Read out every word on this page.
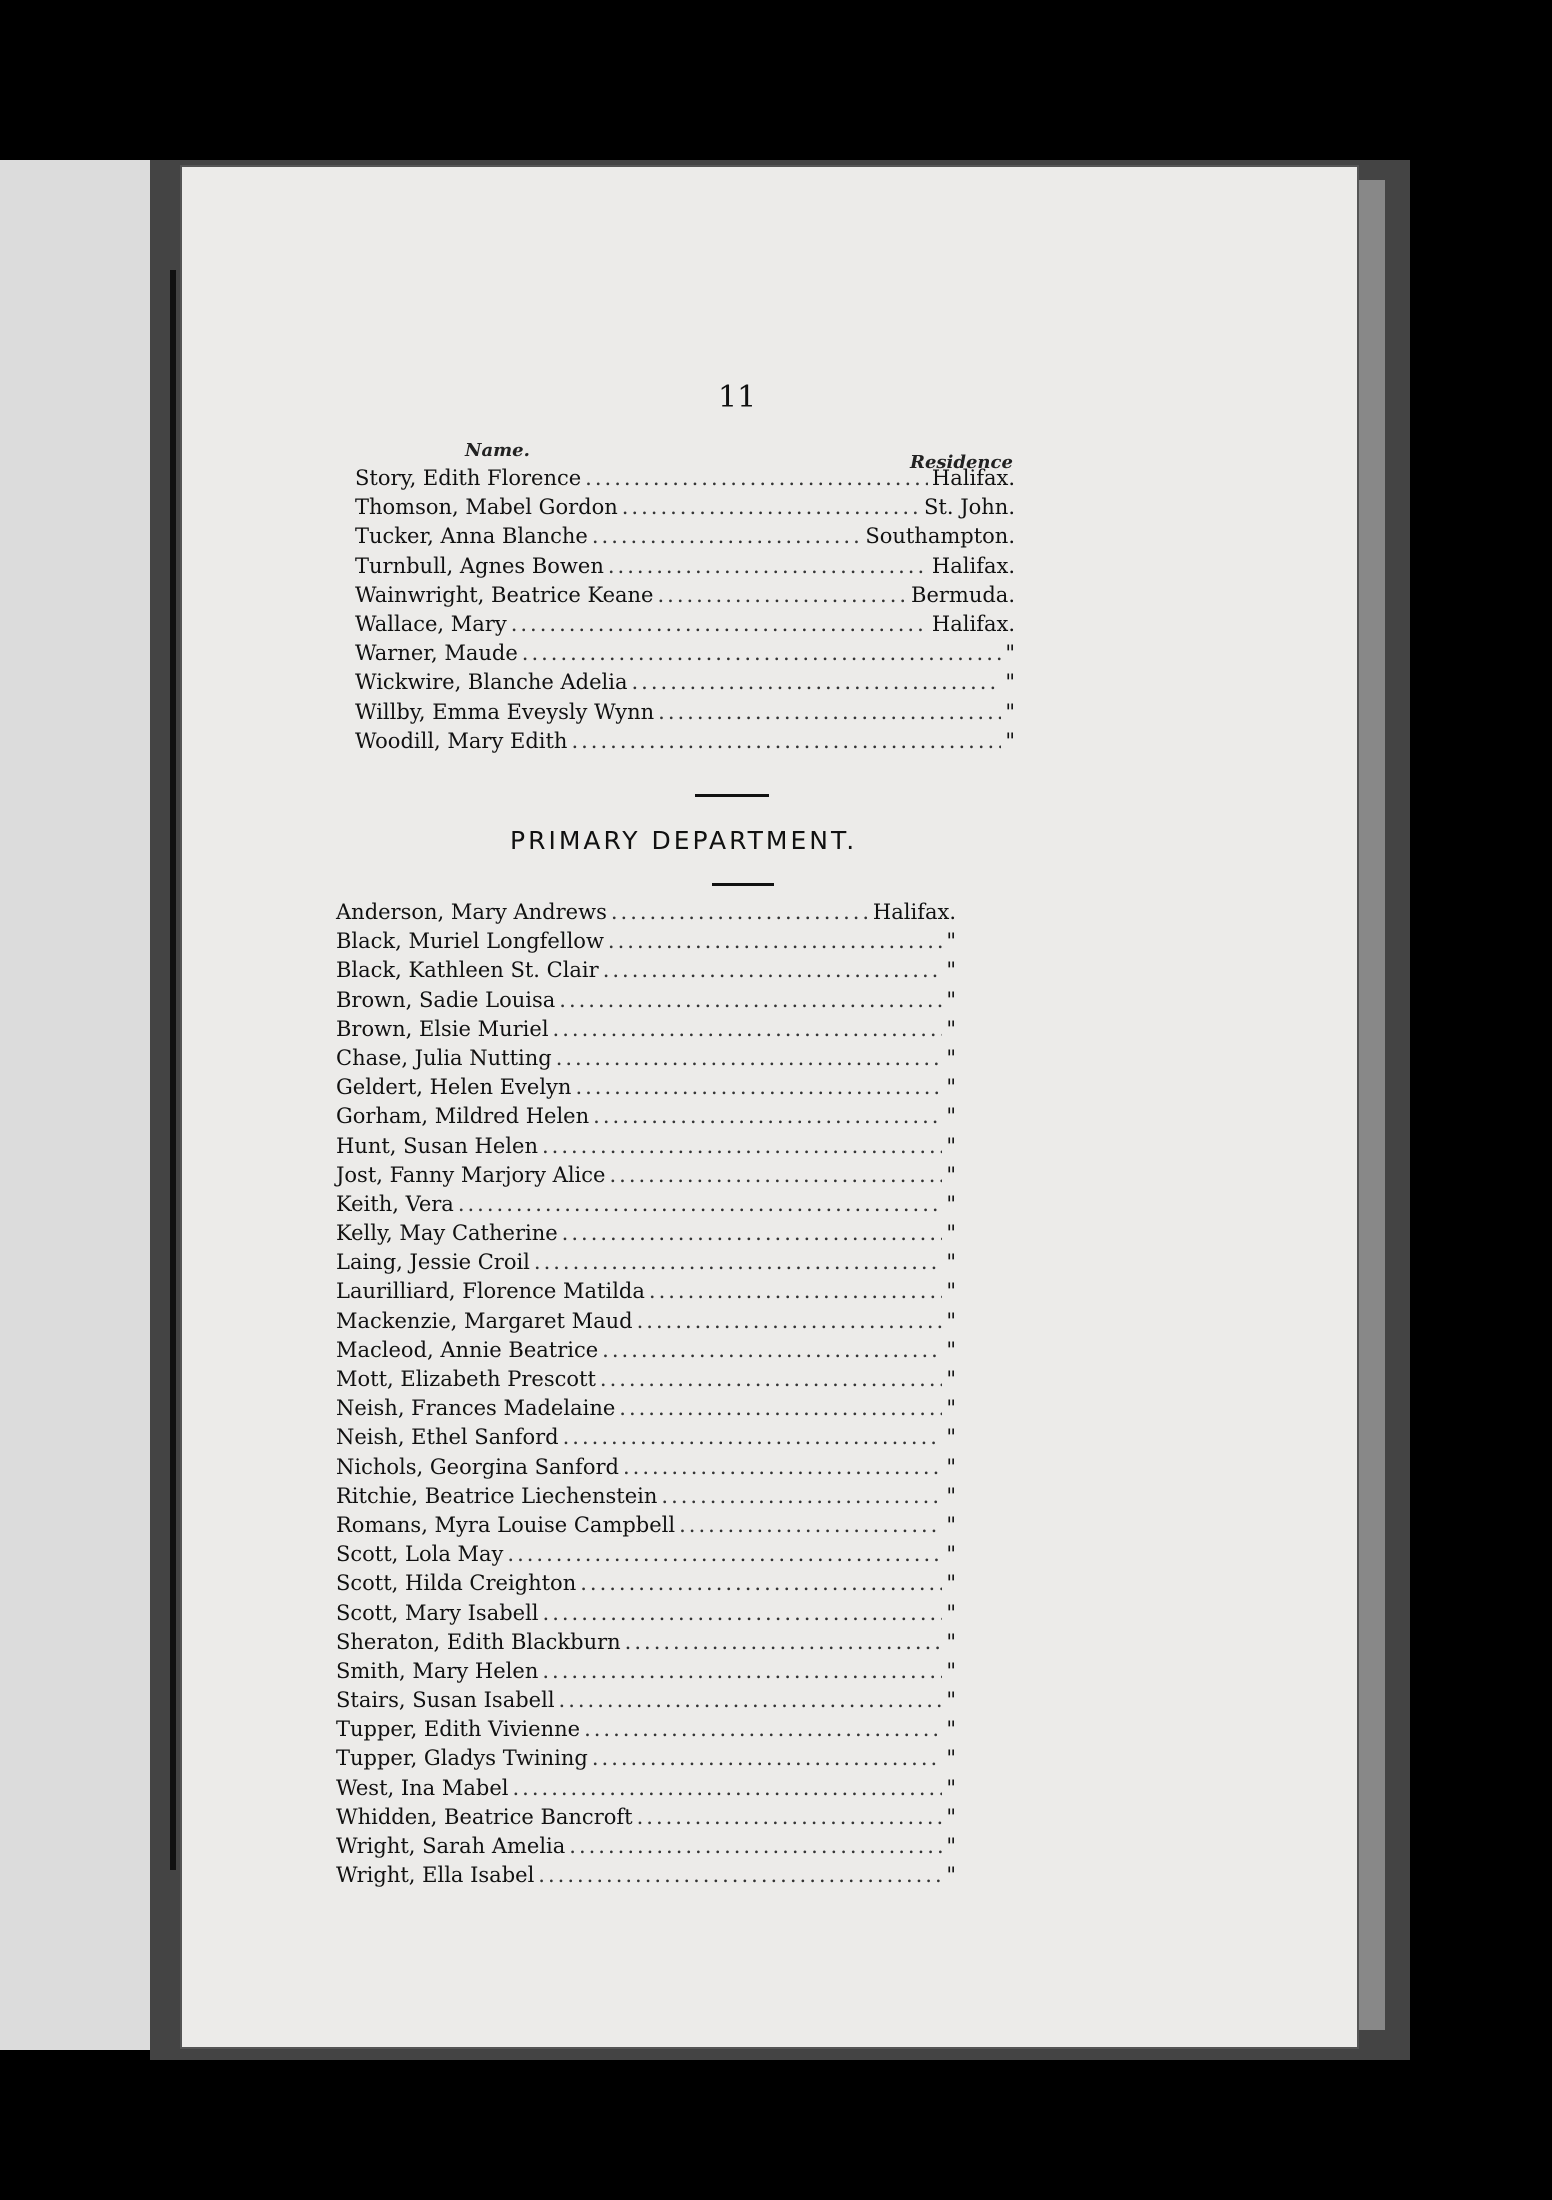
11
Name.
Residence
Story, Edith Florence .....	Halifax.
Thomson, Mabel Gordon .....	St. John.
Tucker, Anna Blanche .....	Southampton.
Turnbull, Agnes Bowen .....	Halifax.
Wainwright, Beatrice Keane .....	Bermuda.
Wallace, Mary .....	Halifax.
Warner, Maude .....	"
Wickwire, Blanche Adelia .....	"
Willby, Emma Eveysly Wynn .....	"
Woodill, Mary Edith .....	"
PRIMARY DEPARTMENT.
Anderson, Mary Andrews .....	Halifax.
Black, Muriel Longfellow .....	"
Black, Kathleen St. Clair .....	"
Brown, Sadie Louisa .....	"
Brown, Elsie Muriel .....	"
Chase, Julia Nutting .....	"
Geldert, Helen Evelyn .....	"
Gorham, Mildred Helen .....	"
Hunt, Susan Helen .....	"
Jost, Fanny Marjory Alice .....	"
Keith, Vera .....	"
Kelly, May Catherine .....	"
Laing, Jessie Croil .....	"
Laurilliard, Florence Matilda .....	"
Mackenzie, Margaret Maud .....	"
Macleod, Annie Beatrice .....	"
Mott, Elizabeth Prescott .....	"
Neish, Frances Madelaine .....	"
Neish, Ethel Sanford .....	"
Nichols, Georgina Sanford .....	"
Ritchie, Beatrice Liechenstein .....	"
Romans, Myra Louise Campbell .....	"
Scott, Lola May .....	"
Scott, Hilda Creighton .....	"
Scott, Mary Isabell .....	"
Sheraton, Edith Blackburn .....	"
Smith, Mary Helen .....	"
Stairs, Susan Isabell .....	"
Tupper, Edith Vivienne .....	"
Tupper, Gladys Twining .....	"
West, Ina Mabel .....	"
Whidden, Beatrice Bancroft .....	"
Wright, Sarah Amelia .....	"
Wright, Ella Isabel .....	"
